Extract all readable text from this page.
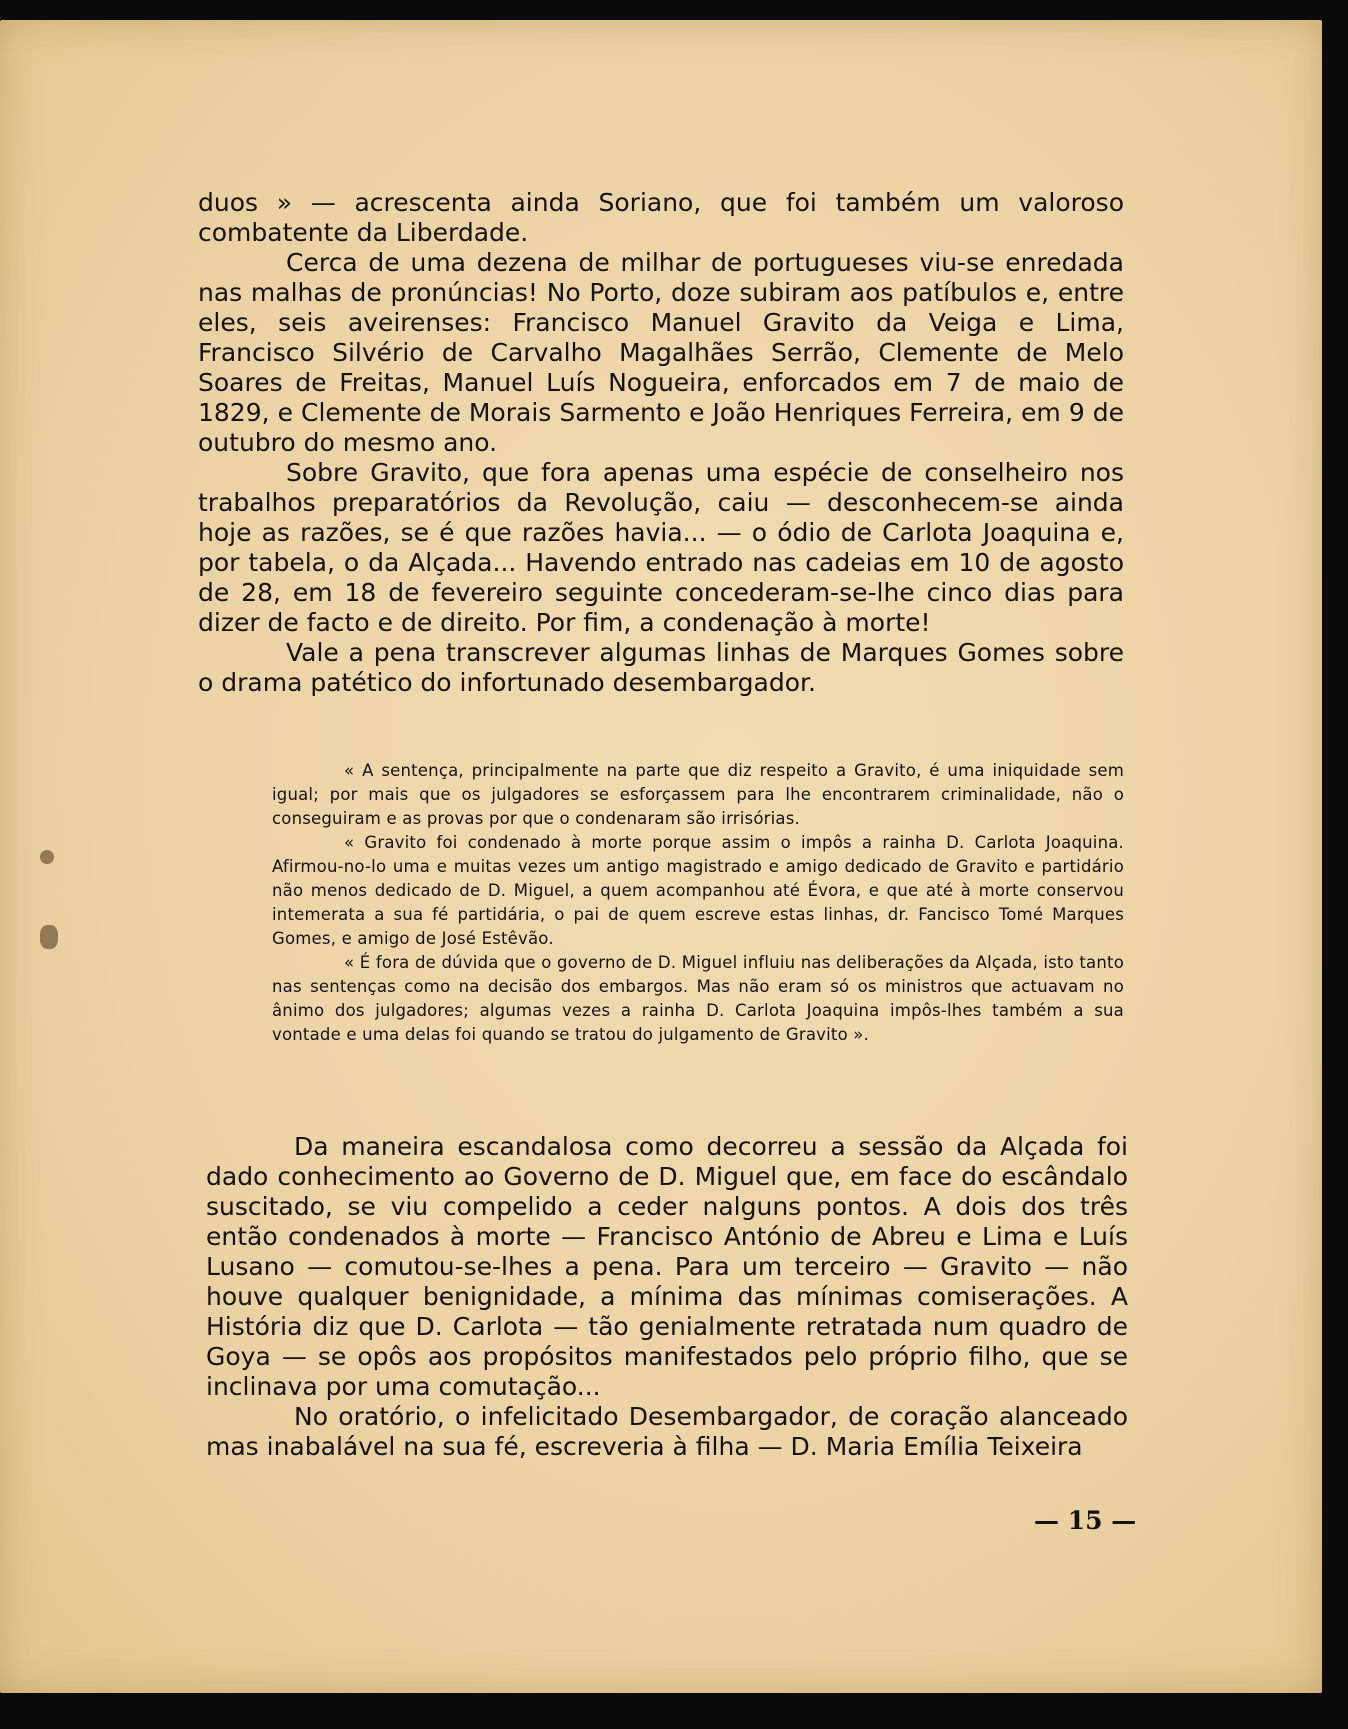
duos » — acrescenta ainda Soriano, que foi também um valoroso combatente da Liberdade.

Cerca de uma dezena de milhar de portugueses viu-se enredada nas malhas de pronúncias! No Porto, doze subiram aos patíbulos e, entre eles, seis aveirenses: Francisco Manuel Gravito da Veiga e Lima, Francisco Silvério de Carvalho Magalhães Serrão, Clemente de Melo Soares de Freitas, Manuel Luís Nogueira, enforcados em 7 de maio de 1829, e Clemente de Morais Sarmento e João Henriques Ferreira, em 9 de outubro do mesmo ano.

Sobre Gravito, que fora apenas uma espécie de conselheiro nos trabalhos preparatórios da Revolução, caiu — desconhecem-se ainda hoje as razões, se é que razões havia... — o ódio de Carlota Joaquina e, por tabela, o da Alçada... Havendo entrado nas cadeias em 10 de agosto de 28, em 18 de fevereiro seguinte concederam-se-lhe cinco dias para dizer de facto e de direito. Por fim, a condenação à morte!

Vale a pena transcrever algumas linhas de Marques Gomes sobre o drama patético do infortunado desembargador.

« A sentença, principalmente na parte que diz respeito a Gravito, é uma iniquidade sem igual; por mais que os julgadores se esforçassem para lhe encontrarem criminalidade, não o conseguiram e as provas por que o condenaram são irrisórias.

« Gravito foi condenado à morte porque assim o impôs a rainha D. Carlota Joaquina. Afirmou-no-lo uma e muitas vezes um antigo magistrado e amigo dedicado de Gravito e partidário não menos dedicado de D. Miguel, a quem acompanhou até Évora, e que até à morte conservou intemerata a sua fé partidária, o pai de quem escreve estas linhas, dr. Fancisco Tomé Marques Gomes, e amigo de José Estêvão.

« É fora de dúvida que o governo de D. Miguel influiu nas deliberações da Alçada, isto tanto nas sentenças como na decisão dos embargos. Mas não eram só os ministros que actuavam no ânimo dos julgadores; algumas vezes a rainha D. Carlota Joaquina impôs-lhes também a sua vontade e uma delas foi quando se tratou do julgamento de Gravito ».

Da maneira escandalosa como decorreu a sessão da Alçada foi dado conhecimento ao Governo de D. Miguel que, em face do escândalo suscitado, se viu compelido a ceder nalguns pontos. A dois dos três então condenados à morte — Francisco António de Abreu e Lima e Luís Lusano — comutou-se-lhes a pena. Para um terceiro — Gravito — não houve qualquer benignidade, a mínima das mínimas comiserações. A História diz que D. Carlota — tão genialmente retratada num quadro de Goya — se opôs aos propósitos manifestados pelo próprio filho, que se inclinava por uma comutação...

No oratório, o infelicitado Desembargador, de coração alanceado mas inabalável na sua fé, escreveria à filha — D. Maria Emília Teixeira

— 15 —
